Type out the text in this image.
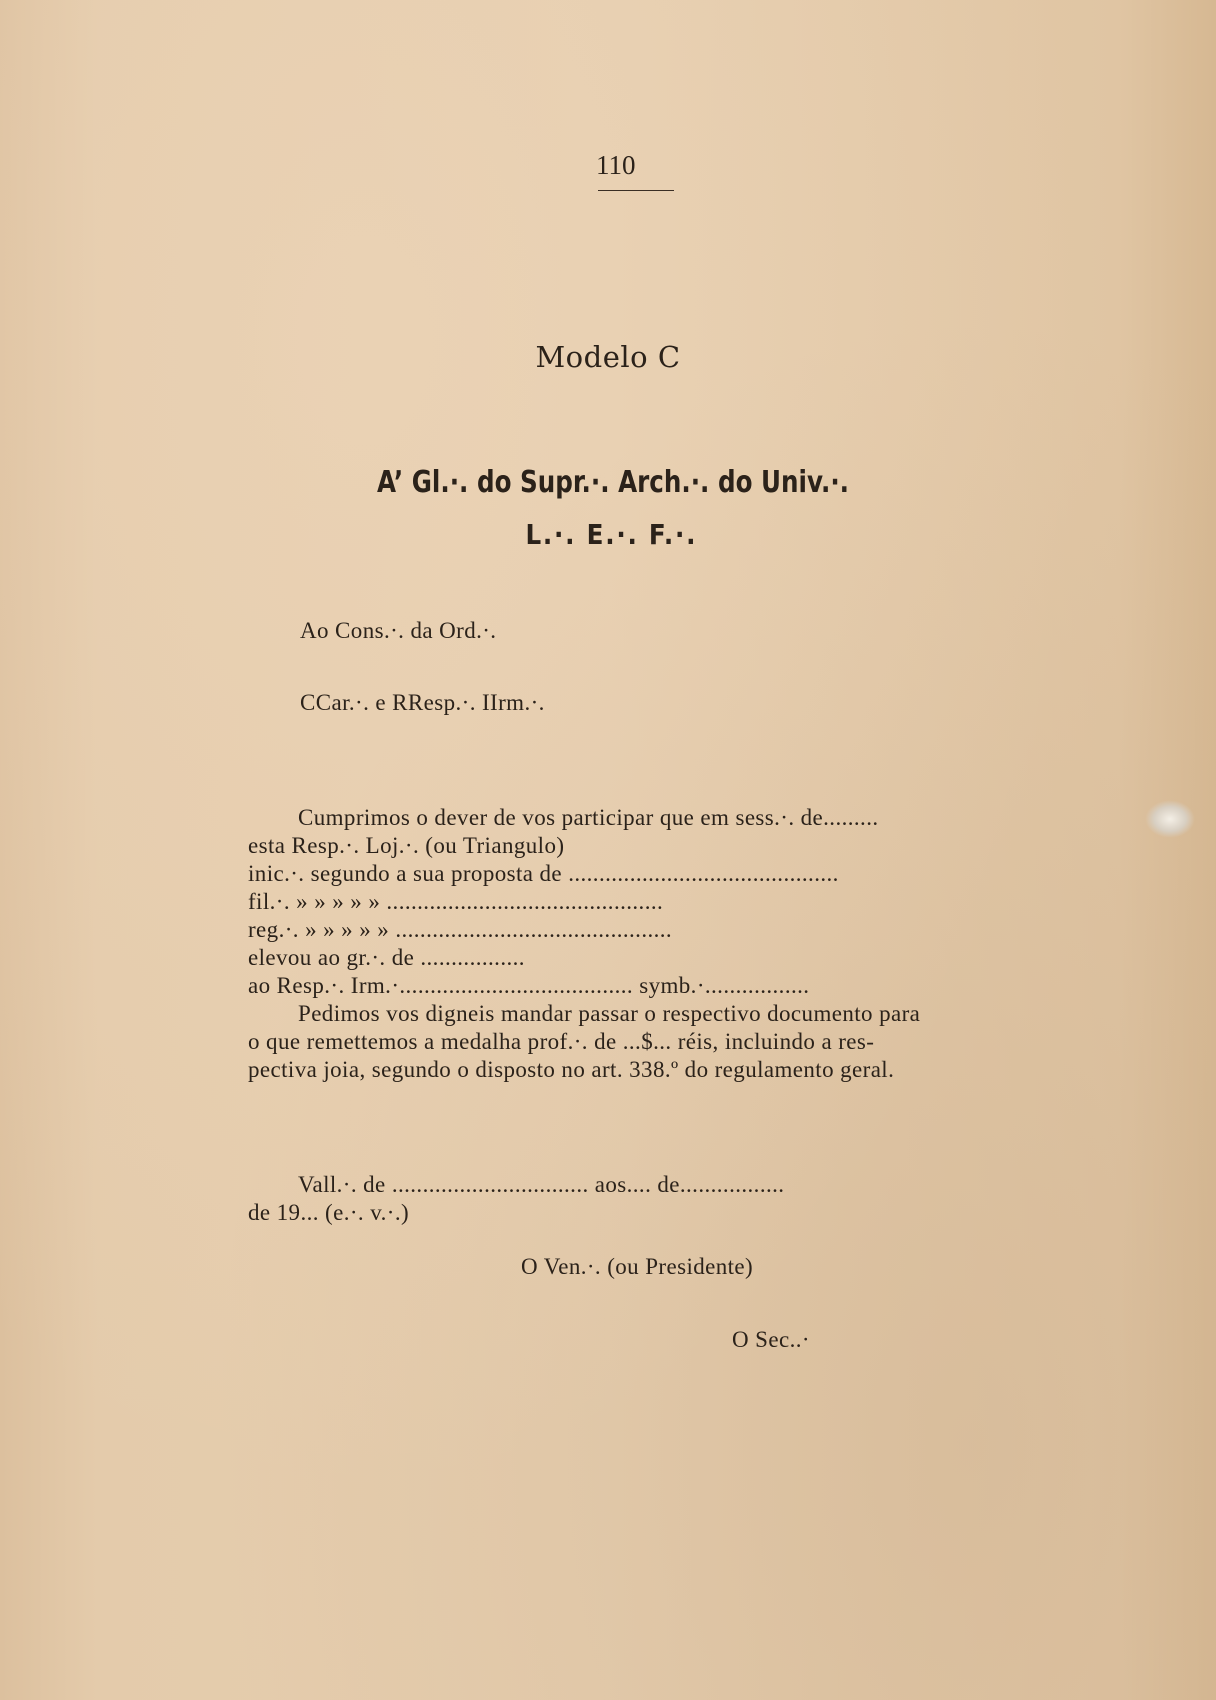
110
Modelo C
A’ Gl.·. do Supr.·. Arch.·. do Univ.·.
L.·. E.·. F.·.
Ao Cons.·. da Ord.·.
CCar.·. e RResp.·. IIrm.·.
Cumprimos o dever de vos participar que em sess.·. de.........
esta Resp.·. Loj.·. (ou Triangulo)
inic.·. segundo a sua proposta de ............................................
fil.·. » » » » » .............................................
reg.·. » » » » » .............................................
elevou ao gr.·. de .................
ao Resp.·. Irm.·...................................... symb.·.................
Pedimos vos digneis mandar passar o respectivo documento para
o que remettemos a medalha prof.·. de ...$... réis, incluindo a res-
pectiva joia, segundo o disposto no art. 338.º do regulamento geral.
Vall.·. de ................................ aos.... de.................
de 19... (e.·. v.·.)
O Ven.·. (ou Presidente)
O Sec..·
